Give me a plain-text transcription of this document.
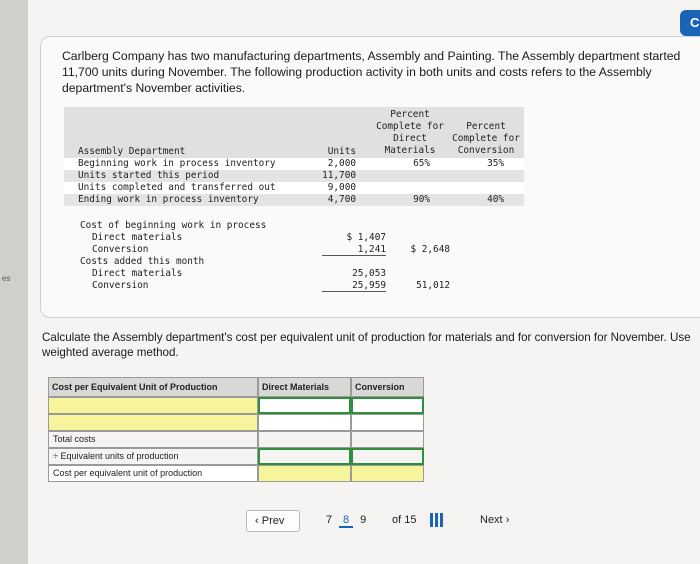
es
C

Carlberg Company has two manufacturing departments, Assembly and Painting. The Assembly department started 11,700 units during November. The following production activity in both units and costs refers to the Assembly department's November activities.

Percent
Complete for
Direct
Materials
Percent
Complete for
Conversion
Assembly Department	Units
Beginning work in process inventory	2,000	65%	35%
Units started this period	11,700
Units completed and transferred out	9,000
Ending work in process inventory	4,700	90%	40%
Cost of beginning work in process
Direct materials	$ 1,407
Conversion	1,241	$ 2,648
Costs added this month
Direct materials	25,053
Conversion	25,959	51,012

Calculate the Assembly department's cost per equivalent unit of production for materials and for conversion for November. Use weighted average method.

Cost per Equivalent Unit of Production	Direct Materials	Conversion
Total costs
÷ Equivalent units of production
Cost per equivalent unit of production
‹ Prev	7 8 9	of 15	Next ›
